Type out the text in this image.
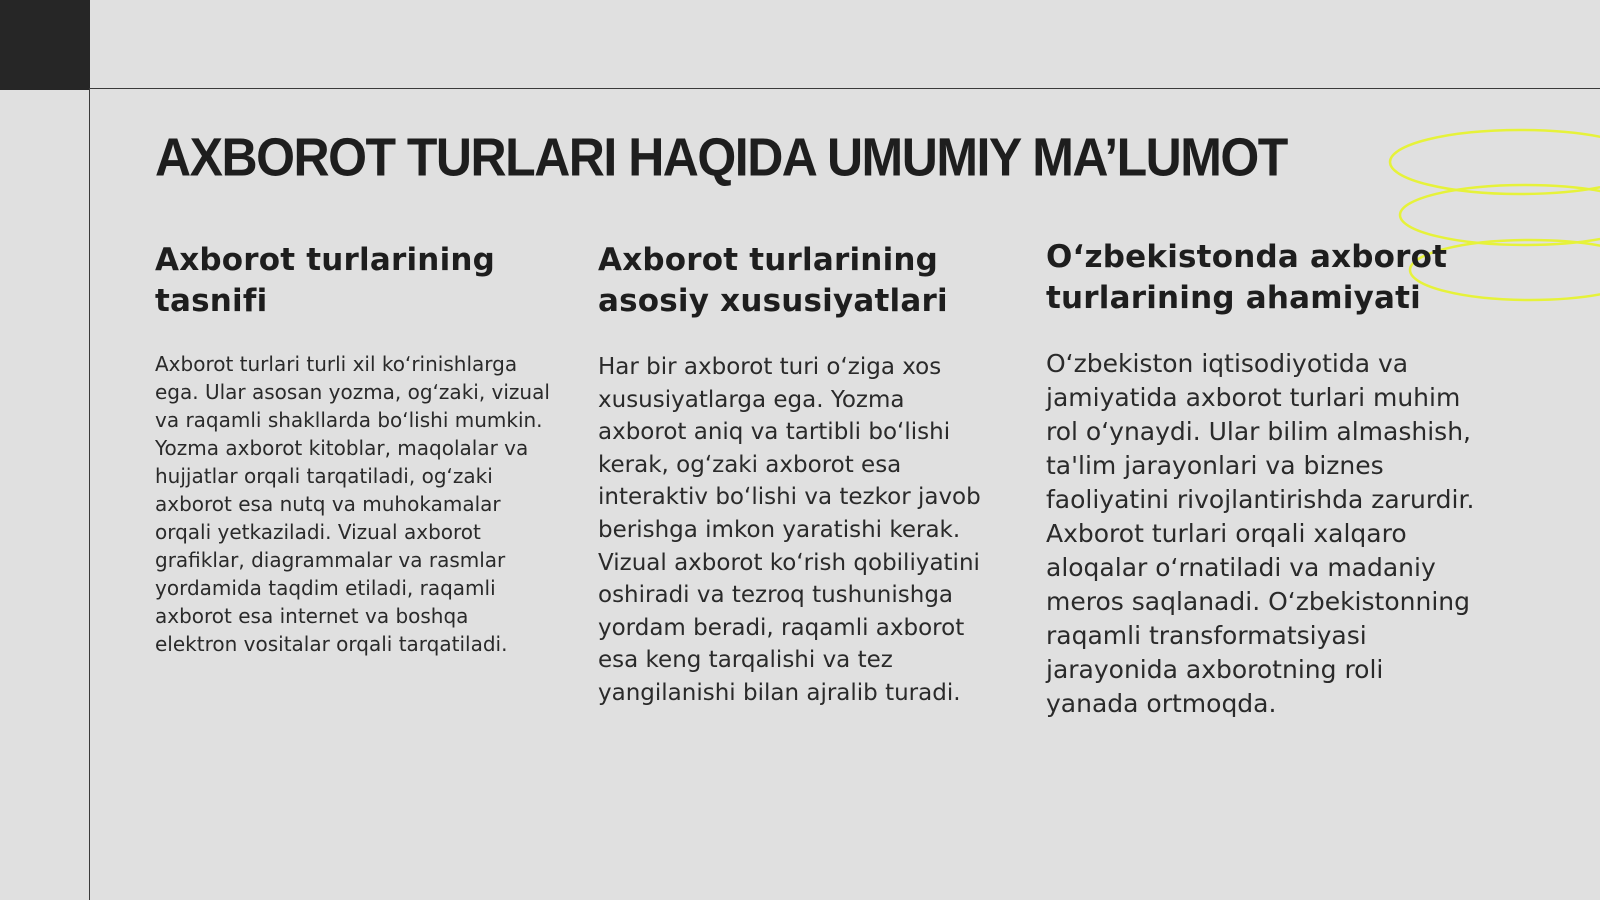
AXBOROT TURLARI HAQIDA UMUMIY MA’LUMOT
Axborot turlarining tasnifi

Axborot turlari turli xil koʻrinishlarga ega. Ular asosan yozma, ogʻzaki, vizual va raqamli shakllarda boʻlishi mumkin. Yozma axborot kitoblar, maqolalar va hujjatlar orqali tarqatiladi, ogʻzaki axborot esa nutq va muhokamalar orqali yetkaziladi. Vizual axborot grafiklar, diagrammalar va rasmlar yordamida taqdim etiladi, raqamli axborot esa internet va boshqa elektron vositalar orqali tarqatiladi.

Axborot turlarining asosiy xususiyatlari

Har bir axborot turi oʻziga xos xususiyatlarga ega. Yozma axborot aniq va tartibli boʻlishi kerak, ogʻzaki axborot esa interaktiv boʻlishi va tezkor javob berishga imkon yaratishi kerak. Vizual axborot koʻrish qobiliyatini oshiradi va tezroq tushunishga yordam beradi, raqamli axborot esa keng tarqalishi va tez yangilanishi bilan ajralib turadi.

O‘zbekistonda axborot turlarining ahamiyati

Oʻzbekiston iqtisodiyotida va jamiyatida axborot turlari muhim rol oʻynaydi. Ular bilim almashish, ta'lim jarayonlari va biznes faoliyatini rivojlantirishda zarurdir. Axborot turlari orqali xalqaro aloqalar oʻrnatiladi va madaniy meros saqlanadi. Oʻzbekistonning raqamli transformatsiyasi jarayonida axborotning roli yanada ortmoqda.
